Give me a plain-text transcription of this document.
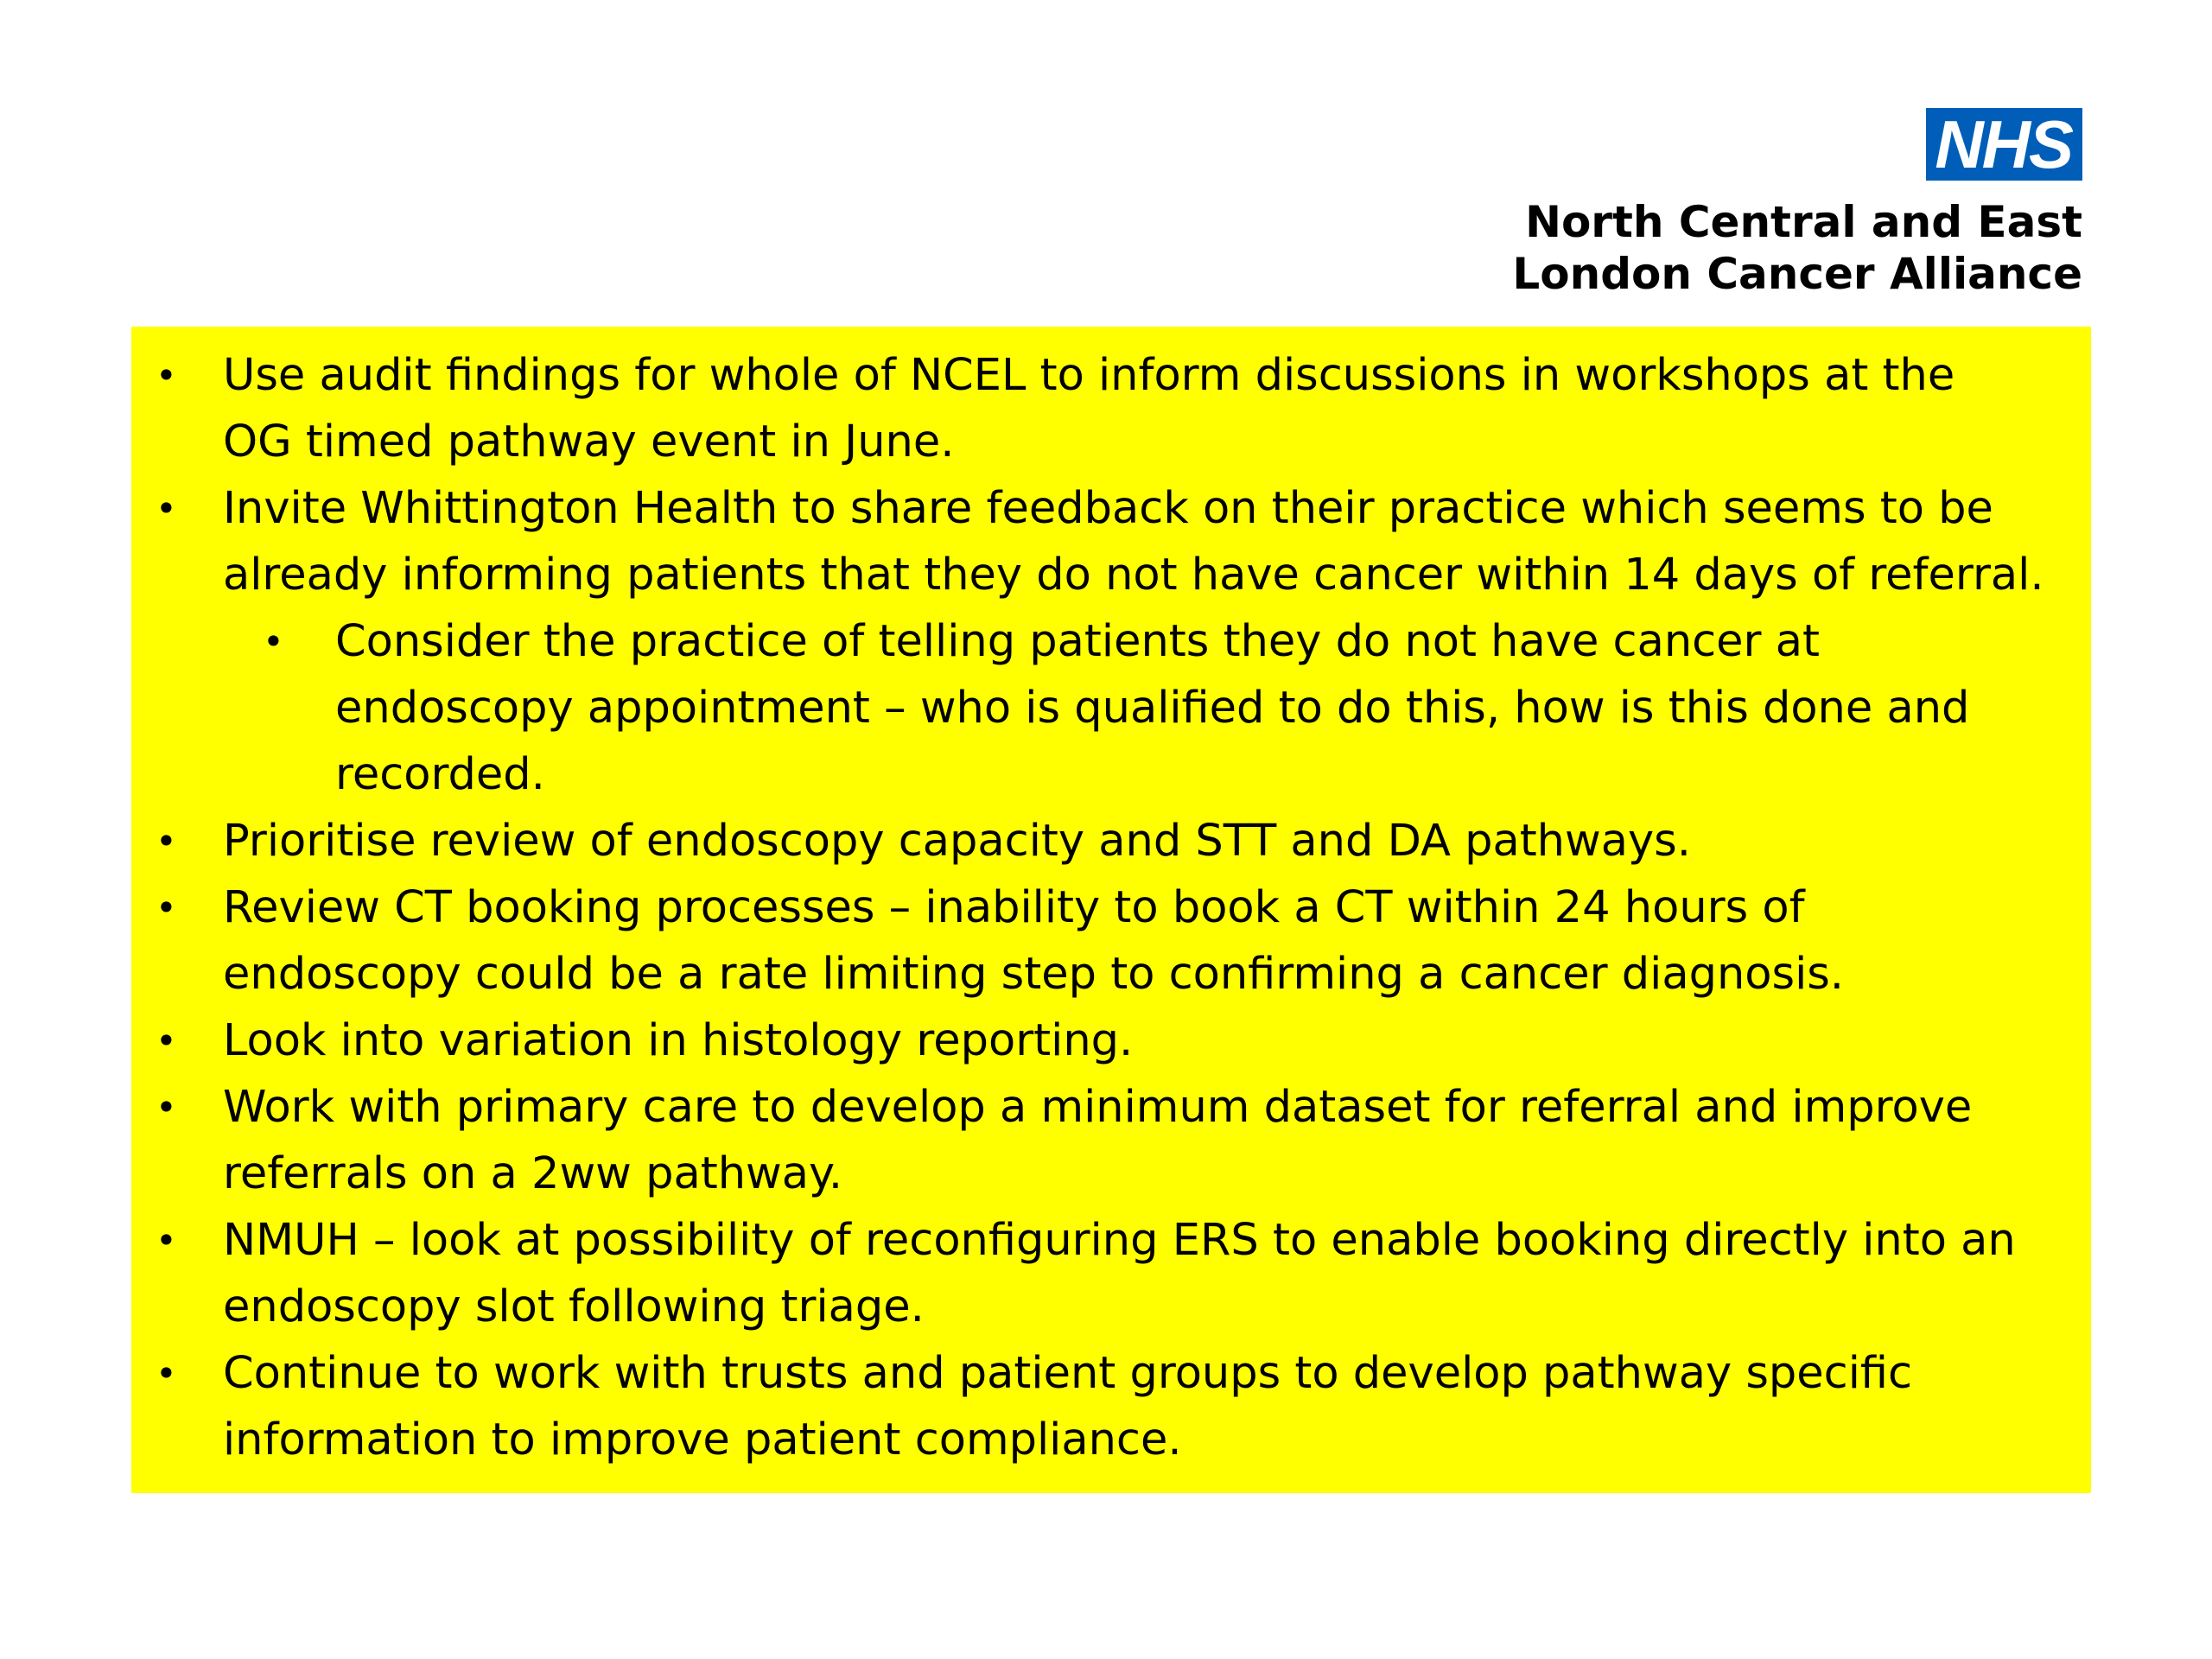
NHS
North Central and East
London Cancer Alliance
• Use audit findings for whole of NCEL to inform discussions in workshops at the
OG timed pathway event in June.
• Invite Whittington Health to share feedback on their practice which seems to be
already informing patients that they do not have cancer within 14 days of referral.
• Consider the practice of telling patients they do not have cancer at
endoscopy appointment – who is qualified to do this, how is this done and
recorded.
• Prioritise review of endoscopy capacity and STT and DA pathways.
• Review CT booking processes – inability to book a CT within 24 hours of
endoscopy could be a rate limiting step to confirming a cancer diagnosis.
• Look into variation in histology reporting.
• Work with primary care to develop a minimum dataset for referral and improve
referrals on a 2ww pathway.
• NMUH – look at possibility of reconfiguring ERS to enable booking directly into an
endoscopy slot following triage.
• Continue to work with trusts and patient groups to develop pathway specific
information to improve patient compliance.
